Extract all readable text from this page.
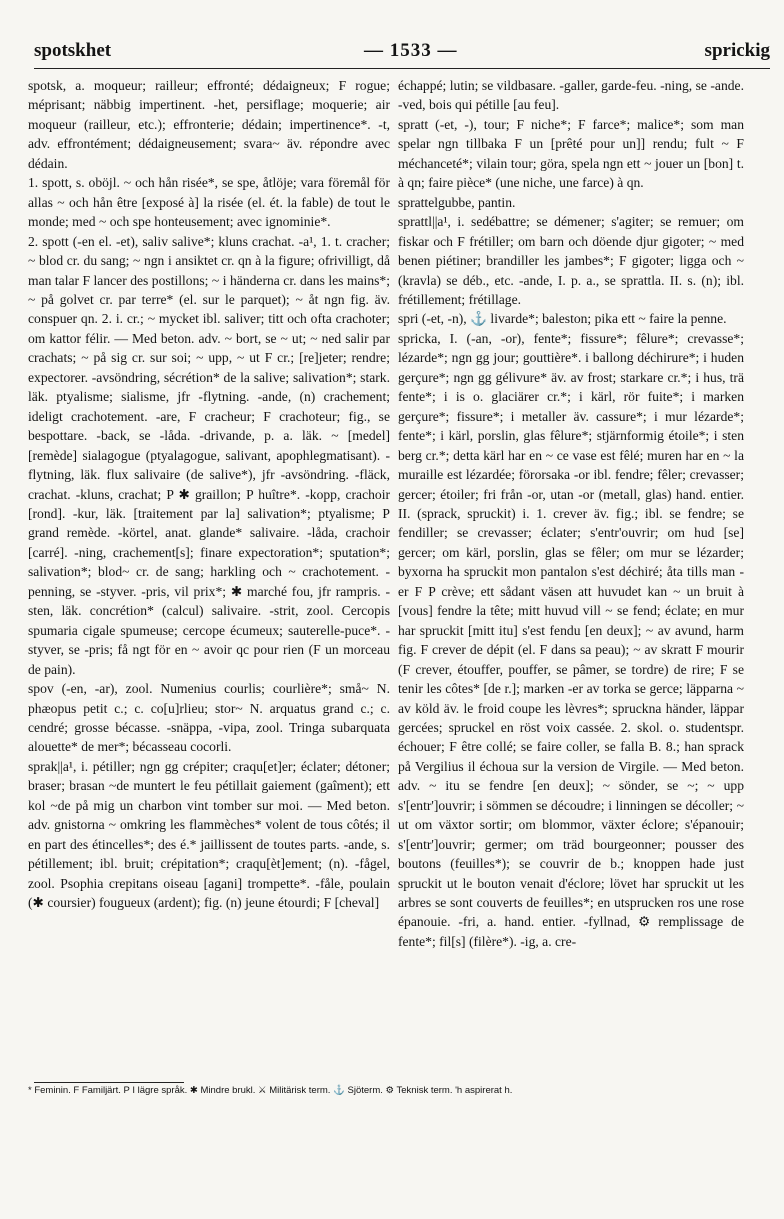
spotskhet	— 1533 —	sprickig

spotsk, a. moqueur; railleur; effronté; dédaigneux; F rogue; méprisant; näbbig impertinent. -het, persiflage; moquerie; air moqueur (railleur, etc.); effronterie; dédain; impertinence*. -t, adv. effrontément; dédaigneusement; svara~ äv. répondre avec dédain.

1. spott, s. oböjl. ~ och hån risée*, se spe, åtlöje; vara föremål för allas ~ och hån être [exposé à] la risée (el. ét. la fable) de tout le monde; med ~ och spe honteusement; avec ignominie*.

2. spott (-en el. -et), saliv salive*; kluns crachat. -a¹, 1. t. cracher; ~ blod cr. du sang; ~ ngn i ansiktet cr. qn à la figure; ofrivilligt, då man talar F lancer des postillons; ~ i händerna cr. dans les mains*; ~ på golvet cr. par terre* (el. sur le parquet); ~ åt ngn fig. äv. conspuer qn. 2. i. cr.; ~ mycket ibl. saliver; titt och ofta crachoter; om kattor félir. — Med beton. adv. ~ bort, se ~ ut; ~ ned salir par crachats; ~ på sig cr. sur soi; ~ upp, ~ ut F cr.; [re]jeter; rendre; expectorer. -avsöndring, sécrétion* de la salive; salivation*; stark. läk. ptyalisme; sialisme, jfr -flytning. -ande, (n) crachement; ideligt crachotement. -are, F cracheur; F crachoteur; fig., se bespottare. -back, se -låda. -drivande, p. a. läk. ~ [medel] [remède] sialagogue (ptyalagogue, salivant, apophlegmatisant). -flytning, läk. flux salivaire (de salive*), jfr -avsöndring. -fläck, crachat. -kluns, crachat; P ✱ graillon; P huître*. -kopp, crachoir [rond]. -kur, läk. [traitement par la] salivation*; ptyalisme; P grand remède. -körtel, anat. glande* salivaire. -låda, crachoir [carré]. -ning, crachement[s]; finare expectoration*; sputation*; salivation*; blod~ cr. de sang; harkling och ~ crachotement. -penning, se -styver. -pris, vil prix*; ✱ marché fou, jfr rampris. -sten, läk. concrétion* (calcul) salivaire. -strit, zool. Cercopis spumaria cigale spumeuse; cercope écumeux; sauterelle-puce*. -styver, se -pris; få ngt för en ~ avoir qc pour rien (F un morceau de pain).

spov (-en, -ar), zool. Numenius courlis; courlière*; små~ N. phæopus petit c.; c. co[u]rlieu; stor~ N. arquatus grand c.; c. cendré; grosse bécasse. -snäppa, -vipa, zool. Tringa subarquata alouette* de mer*; bécasseau cocorli.

sprak||a¹, i. pétiller; ngn gg crépiter; craqu[et]er; éclater; détoner; braser; brasan ~de muntert le feu pétillait gaiement (gaîment); ett kol ~de på mig un charbon vint tomber sur moi. — Med beton. adv. gnistorna ~ omkring les flammèches* volent de tous côtés; il en part des étincelles*; des é.* jaillissent de toutes parts. -ande, s. pétillement; ibl. bruit; crépitation*; craqu[èt]ement; (n). -fågel, zool. Psophia crepitans oiseau [agani] trompette*. -fåle, poulain (✱ coursier) fougueux (ardent); fig. (n) jeune étourdi; F [cheval]

échappé; lutin; se vildbasare. -galler, garde-feu. -ning, se -ande. -ved, bois qui pétille [au feu].

spratt (-et, -), tour; F niche*; F farce*; malice*; som man spelar ngn tillbaka F un [prêté pour un]] rendu; fult ~ F méchanceté*; vilain tour; göra, spela ngn ett ~ jouer un [bon] t. à qn; faire pièce* (une niche, une farce) à qn.

sprattelgubbe, pantin.

sprattl||a¹, i. sedébattre; se démener; s'agiter; se remuer; om fiskar och F frétiller; om barn och döende djur gigoter; ~ med benen piétiner; brandiller les jambes*; F gigoter; ligga och ~ (kravla) se déb., etc. -ande, I. p. a., se sprattla. II. s. (n); ibl. frétillement; frétillage.

spri (-et, -n), ⚓ livarde*; baleston; pika ett ~ faire la penne.

spricka, I. (-an, -or), fente*; fissure*; fêlure*; crevasse*; lézarde*; ngn gg jour; gouttière*. i ballong déchirure*; i huden gerçure*; ngn gg gélivure* äv. av frost; starkare cr.*; i hus, trä fente*; i is o. glaciärer cr.*; i kärl, rör fuite*; i marken gerçure*; fissure*; i metaller äv. cassure*; i mur lézarde*; fente*; i kärl, porslin, glas fêlure*; stjärnformig étoile*; i sten berg cr.*; detta kärl har en ~ ce vase est fêlé; muren har en ~ la muraille est lézardée; förorsaka -or ibl. fendre; fêler; crevasser; gercer; étoiler; fri från -or, utan -or (metall, glas) hand. entier. II. (sprack, spruckit) i. 1. crever äv. fig.; ibl. se fendre; se fendiller; se crevasser; éclater; s'entr'ouvrir; om hud [se] gercer; om kärl, porslin, glas se fêler; om mur se lézarder; byxorna ha spruckit mon pantalon s'est déchiré; åta tills man -er F P crève; ett sådant väsen att huvudet kan ~ un bruit à [vous] fendre la tête; mitt huvud vill ~ se fend; éclate; en mur har spruckit [mitt itu] s'est fendu [en deux]; ~ av avund, harm fig. F crever de dépit (el. F dans sa peau); ~ av skratt F mourir (F crever, étouffer, pouffer, se pâmer, se tordre) de rire; F se tenir les côtes* [de r.]; marken -er av torka se gerce; läpparna ~ av köld äv. le froid coupe les lèvres*; spruckna händer, läppar gercées; spruckel en röst voix cassée. 2. skol. o. studentspr. échouer; F être collé; se faire coller, se falla B. 8.; han sprack på Vergilius il échoua sur la version de Virgile. — Med beton. adv. ~ itu se fendre [en deux]; ~ sönder, se ~; ~ upp s'[entr']ouvrir; i sömmen se découdre; i linningen se décoller; ~ ut om växtor sortir; om blommor, växter éclore; s'épanouir; s'[entr']ouvrir; germer; om träd bourgeonner; pousser des boutons (feuilles*); se couvrir de b.; knoppen hade just spruckit ut le bouton venait d'éclore; lövet har spruckit ut les arbres se sont couverts de feuilles*; en utsprucken ros une rose épanouie. -fri, a. hand. entier. -fyllnad, ⚙ remplissage de fente*; fil[s] (filère*). -ig, a. cre-

* Feminin. F Familjärt. P I lägre språk. ✱ Mindre brukl. ⚔ Militärisk term. ⚓ Sjöterm. ⚙ Teknisk term. 'h aspirerat h.
